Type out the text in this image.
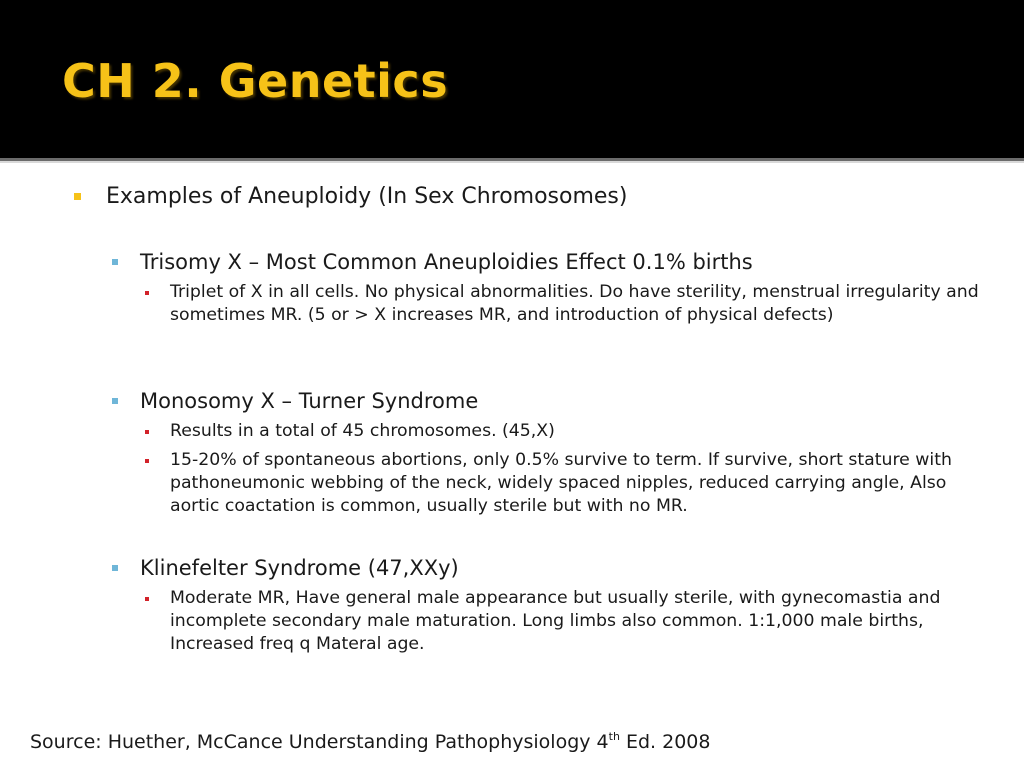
CH 2. Genetics
Examples of Aneuploidy (In Sex Chromosomes)
Trisomy X – Most Common Aneuploidies Effect 0.1% births
Triplet of X in all cells. No physical abnormalities. Do have sterility, menstrual irregularity and sometimes MR. (5 or > X increases MR, and introduction of physical defects)
Monosomy X – Turner Syndrome
Results in a total of 45 chromosomes. (45,X)
15-20% of spontaneous abortions, only 0.5% survive to term. If survive, short stature with pathoneumonic webbing of the neck, widely spaced nipples, reduced carrying angle, Also aortic coactation is common, usually sterile but with no MR.
Klinefelter Syndrome (47,XXy)
Moderate MR, Have general male appearance but usually sterile, with gynecomastia and incomplete secondary male maturation. Long limbs also common. 1:1,000 male births, Increased freq q Materal age.
Source: Huether, McCance Understanding Pathophysiology 4th Ed. 2008
